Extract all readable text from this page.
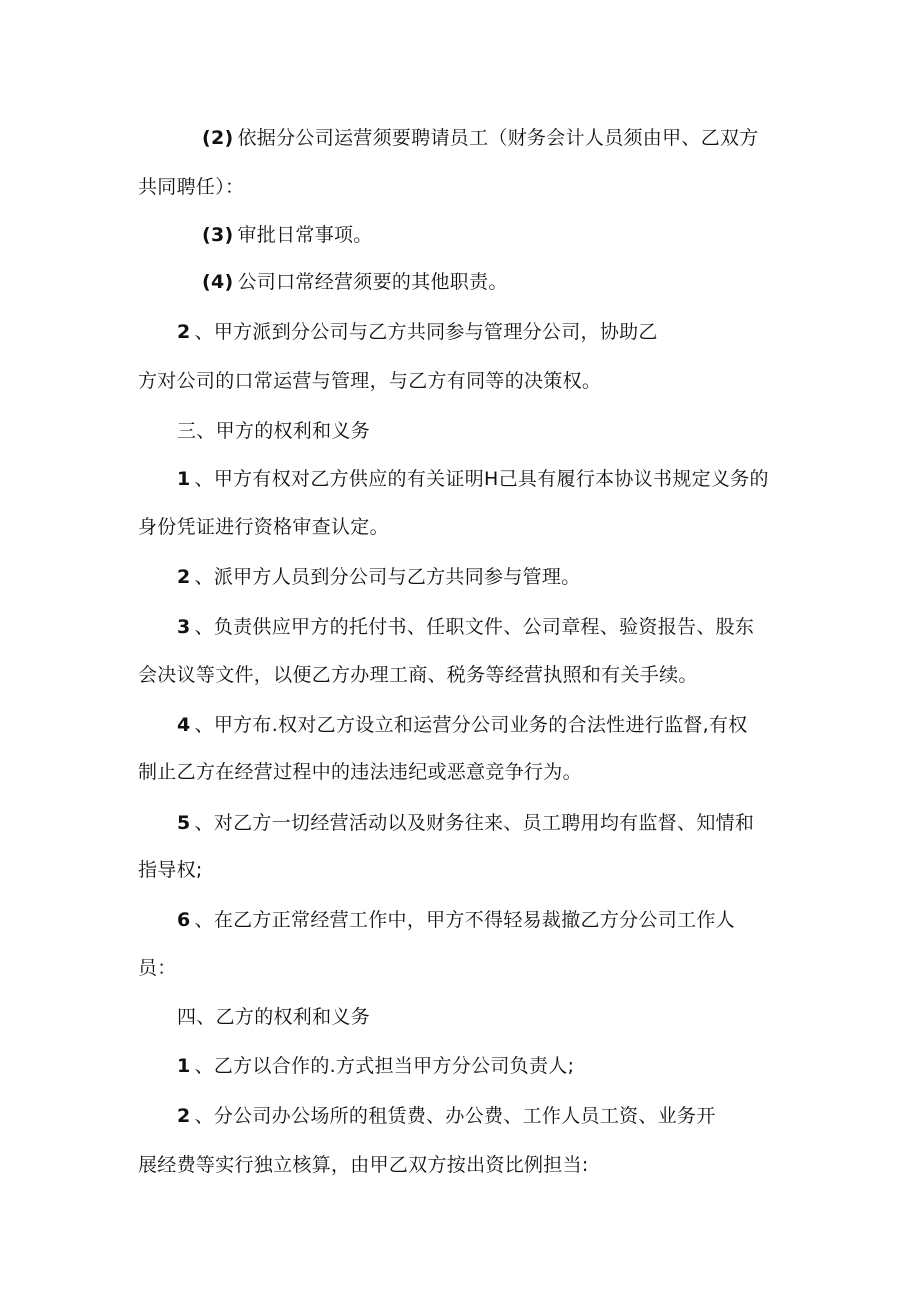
(2) 依据分公司运营须要聘请员工（财务会计人员须由甲、乙双方
共同聘任）：
(3) 审批日常事项。
(4) 公司口常经营须要的其他职责。
2 、甲方派到分公司与乙方共同参与管理分公司，协助乙
方对公司的口常运营与管理，与乙方有同等的决策权。
三、甲方的权利和义务
1 、甲方有权对乙方供应的有关证明H己具有履行本协议书规定义务的
身份凭证进行资格审查认定。
2 、派甲方人员到分公司与乙方共同参与管理。
3 、负责供应甲方的托付书、任职文件、公司章程、验资报告、股东
会决议等文件，以便乙方办理工商、税务等经营执照和有关手续。
4 、甲方布.权对乙方设立和运营分公司业务的合法性进行监督,有权
制止乙方在经营过程中的违法违纪或恶意竞争行为。
5 、对乙方一切经营活动以及财务往来、员工聘用均有监督、知情和
指导权;
6 、在乙方正常经营工作中，甲方不得轻易裁撤乙方分公司工作人
员：
四、乙方的权利和义务
1 、乙方以合作的.方式担当甲方分公司负责人;
2 、分公司办公场所的租赁费、办公费、工作人员工资、业务开
展经费等实行独立核算，由甲乙双方按出资比例担当:
